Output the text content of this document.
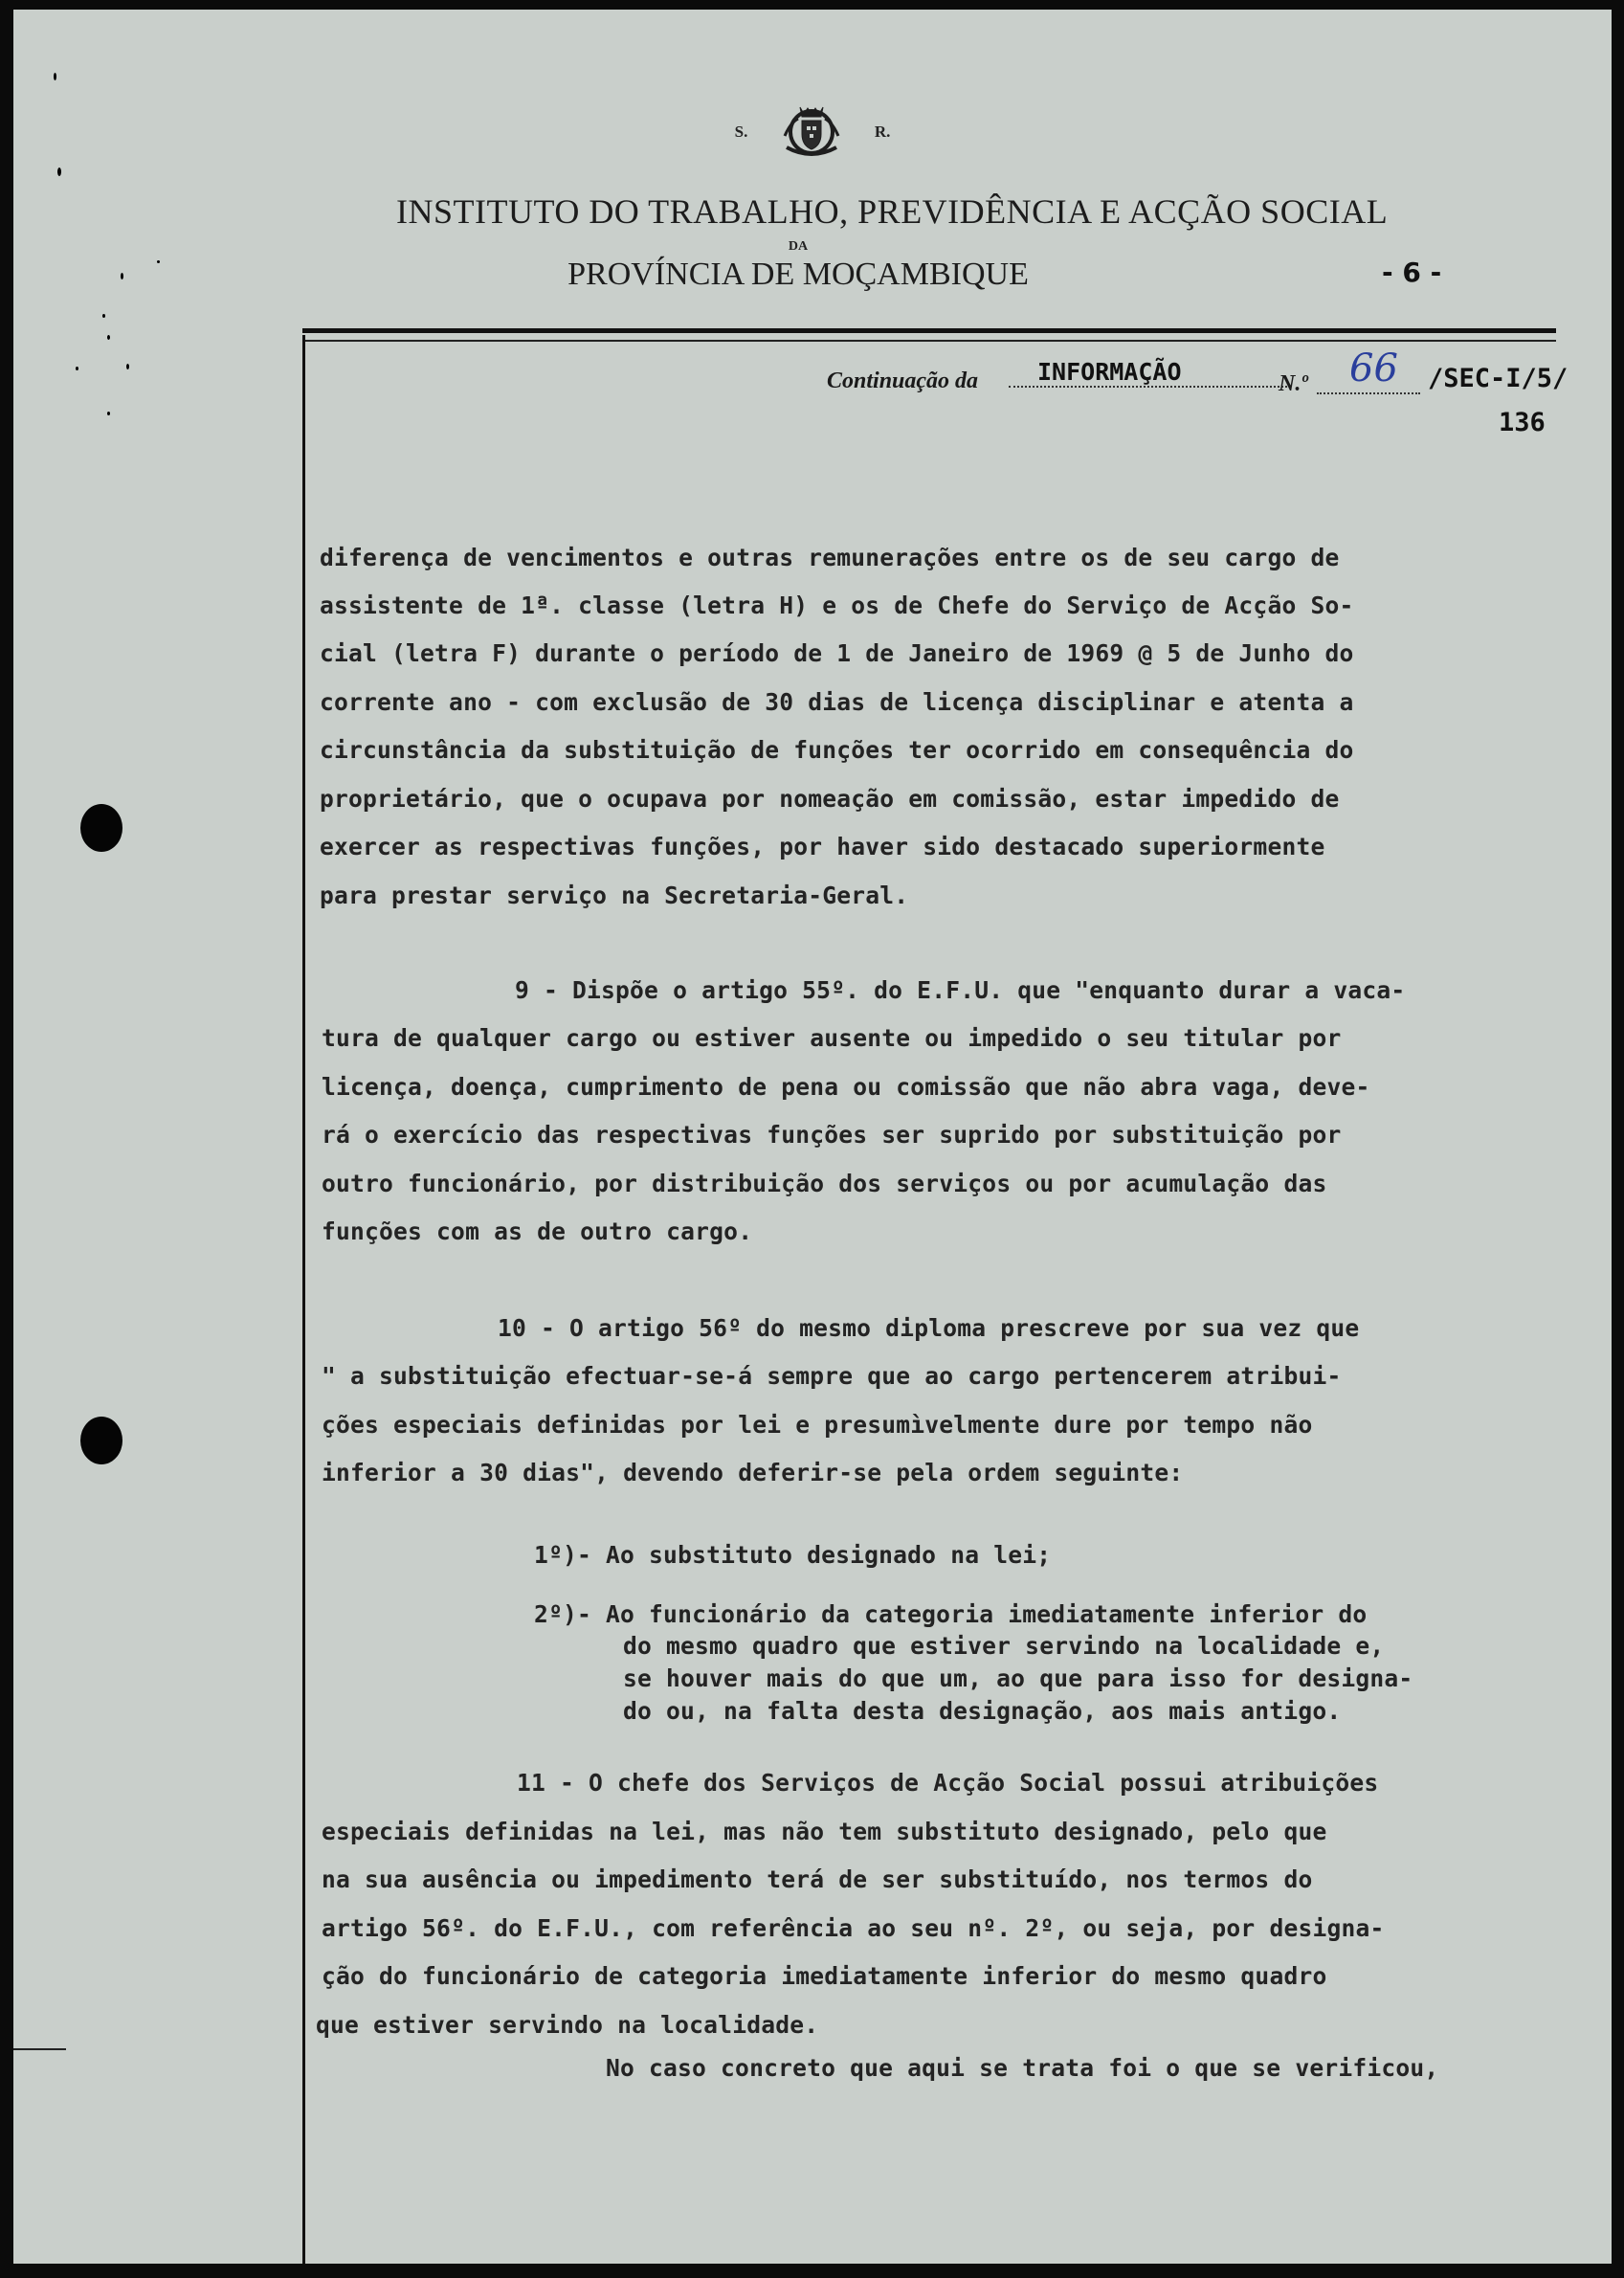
S.	R.
INSTITUTO DO TRABALHO, PREVIDÊNCIA E ACÇÃO SOCIAL
DA
PROVÍNCIA DE MOÇAMBIQUE	- 6 -
Continuação da	INFORMAÇÃO	N.º 66 /SEC-I/5/
136
diferença de vencimentos e outras remunerações entre os de seu cargo de
assistente de 1ª. classe (letra H) e os de Chefe do Serviço de Acção So-
cial (letra F) durante o período de 1 de Janeiro de 1969 @ 5 de Junho do
corrente ano - com exclusão de 30 dias de licença disciplinar e atenta a
circunstância da substituição de funções ter ocorrido em consequência do
proprietário, que o ocupava por nomeação em comissão, estar impedido de
exercer as respectivas funções, por haver sido destacado superiormente
para prestar serviço na Secretaria-Geral.
9 - Dispõe o artigo 55º. do E.F.U. que "enquanto durar a vaca-
tura de qualquer cargo ou estiver ausente ou impedido o seu titular por
licença, doença, cumprimento de pena ou comissão que não abra vaga, deve-
rá o exercício das respectivas funções ser suprido por substituição por
outro funcionário, por distribuição dos serviços ou por acumulação das
funções com as de outro cargo.
10 - O artigo 56º do mesmo diploma prescreve por sua vez que
" a substituição efectuar-se-á sempre que ao cargo pertencerem atribui-
ções especiais definidas por lei e presumìvelmente dure por tempo não
inferior a 30 dias", devendo deferir-se pela ordem seguinte:
1º)- Ao substituto designado na lei;
2º)- Ao funcionário da categoria imediatamente inferior do
do mesmo quadro que estiver servindo na localidade e,
se houver mais do que um, ao que para isso for designa-
do ou, na falta desta designação, aos mais antigo.
11 - O chefe dos Serviços de Acção Social possui atribuições
especiais definidas na lei, mas não tem substituto designado, pelo que
na sua ausência ou impedimento terá de ser substituído, nos termos do
artigo 56º. do E.F.U., com referência ao seu nº. 2º, ou seja, por designa-
ção do funcionário de categoria imediatamente inferior do mesmo quadro
que estiver servindo na localidade.
No caso concreto que aqui se trata foi o que se verificou,
